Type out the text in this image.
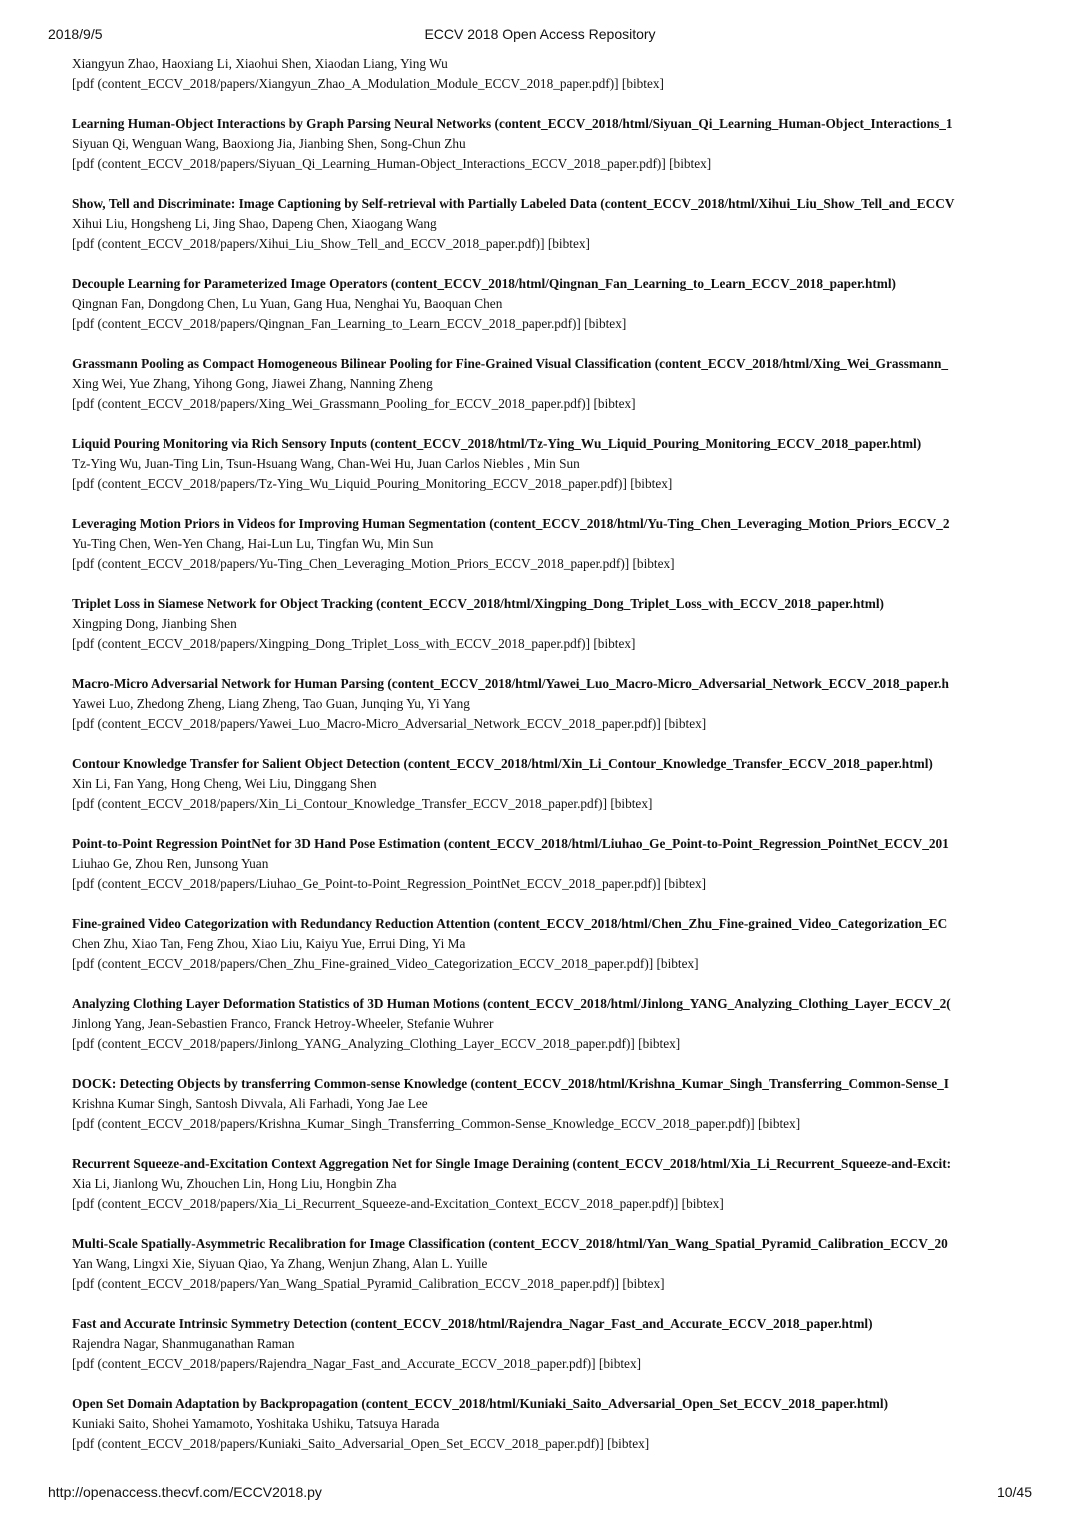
2018/9/5	ECCV 2018 Open Access Repository
Xiangyun Zhao, Haoxiang Li, Xiaohui Shen, Xiaodan Liang, Ying Wu
[pdf (content_ECCV_2018/papers/Xiangyun_Zhao_A_Modulation_Module_ECCV_2018_paper.pdf)] [bibtex]
Learning Human-Object Interactions by Graph Parsing Neural Networks (content_ECCV_2018/html/Siyuan_Qi_Learning_Human-Object_Interactions_1
Siyuan Qi, Wenguan Wang, Baoxiong Jia, Jianbing Shen, Song-Chun Zhu
[pdf (content_ECCV_2018/papers/Siyuan_Qi_Learning_Human-Object_Interactions_ECCV_2018_paper.pdf)] [bibtex]
Show, Tell and Discriminate: Image Captioning by Self-retrieval with Partially Labeled Data (content_ECCV_2018/html/Xihui_Liu_Show_Tell_and_ECCV
Xihui Liu, Hongsheng Li, Jing Shao, Dapeng Chen, Xiaogang Wang
[pdf (content_ECCV_2018/papers/Xihui_Liu_Show_Tell_and_ECCV_2018_paper.pdf)] [bibtex]
Decouple Learning for Parameterized Image Operators (content_ECCV_2018/html/Qingnan_Fan_Learning_to_Learn_ECCV_2018_paper.html)
Qingnan Fan, Dongdong Chen, Lu Yuan, Gang Hua, Nenghai Yu, Baoquan Chen
[pdf (content_ECCV_2018/papers/Qingnan_Fan_Learning_to_Learn_ECCV_2018_paper.pdf)] [bibtex]
Grassmann Pooling as Compact Homogeneous Bilinear Pooling for Fine-Grained Visual Classification (content_ECCV_2018/html/Xing_Wei_Grassmann_
Xing Wei, Yue Zhang, Yihong Gong, Jiawei Zhang, Nanning Zheng
[pdf (content_ECCV_2018/papers/Xing_Wei_Grassmann_Pooling_for_ECCV_2018_paper.pdf)] [bibtex]
Liquid Pouring Monitoring via Rich Sensory Inputs (content_ECCV_2018/html/Tz-Ying_Wu_Liquid_Pouring_Monitoring_ECCV_2018_paper.html)
Tz-Ying Wu, Juan-Ting Lin, Tsun-Hsuang Wang, Chan-Wei Hu, Juan Carlos Niebles , Min Sun
[pdf (content_ECCV_2018/papers/Tz-Ying_Wu_Liquid_Pouring_Monitoring_ECCV_2018_paper.pdf)] [bibtex]
Leveraging Motion Priors in Videos for Improving Human Segmentation (content_ECCV_2018/html/Yu-Ting_Chen_Leveraging_Motion_Priors_ECCV_2
Yu-Ting Chen, Wen-Yen Chang, Hai-Lun Lu, Tingfan Wu, Min Sun
[pdf (content_ECCV_2018/papers/Yu-Ting_Chen_Leveraging_Motion_Priors_ECCV_2018_paper.pdf)] [bibtex]
Triplet Loss in Siamese Network for Object Tracking (content_ECCV_2018/html/Xingping_Dong_Triplet_Loss_with_ECCV_2018_paper.html)
Xingping Dong, Jianbing Shen
[pdf (content_ECCV_2018/papers/Xingping_Dong_Triplet_Loss_with_ECCV_2018_paper.pdf)] [bibtex]
Macro-Micro Adversarial Network for Human Parsing (content_ECCV_2018/html/Yawei_Luo_Macro-Micro_Adversarial_Network_ECCV_2018_paper.h
Yawei Luo, Zhedong Zheng, Liang Zheng, Tao Guan, Junqing Yu, Yi Yang
[pdf (content_ECCV_2018/papers/Yawei_Luo_Macro-Micro_Adversarial_Network_ECCV_2018_paper.pdf)] [bibtex]
Contour Knowledge Transfer for Salient Object Detection (content_ECCV_2018/html/Xin_Li_Contour_Knowledge_Transfer_ECCV_2018_paper.html)
Xin Li, Fan Yang, Hong Cheng, Wei Liu, Dinggang Shen
[pdf (content_ECCV_2018/papers/Xin_Li_Contour_Knowledge_Transfer_ECCV_2018_paper.pdf)] [bibtex]
Point-to-Point Regression PointNet for 3D Hand Pose Estimation (content_ECCV_2018/html/Liuhao_Ge_Point-to-Point_Regression_PointNet_ECCV_201
Liuhao Ge, Zhou Ren, Junsong Yuan
[pdf (content_ECCV_2018/papers/Liuhao_Ge_Point-to-Point_Regression_PointNet_ECCV_2018_paper.pdf)] [bibtex]
Fine-grained Video Categorization with Redundancy Reduction Attention (content_ECCV_2018/html/Chen_Zhu_Fine-grained_Video_Categorization_EC
Chen Zhu, Xiao Tan, Feng Zhou, Xiao Liu, Kaiyu Yue, Errui Ding, Yi Ma
[pdf (content_ECCV_2018/papers/Chen_Zhu_Fine-grained_Video_Categorization_ECCV_2018_paper.pdf)] [bibtex]
Analyzing Clothing Layer Deformation Statistics of 3D Human Motions (content_ECCV_2018/html/Jinlong_YANG_Analyzing_Clothing_Layer_ECCV_2(
Jinlong Yang, Jean-Sebastien Franco, Franck Hetroy-Wheeler, Stefanie Wuhrer
[pdf (content_ECCV_2018/papers/Jinlong_YANG_Analyzing_Clothing_Layer_ECCV_2018_paper.pdf)] [bibtex]
DOCK: Detecting Objects by transferring Common-sense Knowledge (content_ECCV_2018/html/Krishna_Kumar_Singh_Transferring_Common-Sense_I
Krishna Kumar Singh, Santosh Divvala, Ali Farhadi, Yong Jae Lee
[pdf (content_ECCV_2018/papers/Krishna_Kumar_Singh_Transferring_Common-Sense_Knowledge_ECCV_2018_paper.pdf)] [bibtex]
Recurrent Squeeze-and-Excitation Context Aggregation Net for Single Image Deraining (content_ECCV_2018/html/Xia_Li_Recurrent_Squeeze-and-Excit:
Xia Li, Jianlong Wu, Zhouchen Lin, Hong Liu, Hongbin Zha
[pdf (content_ECCV_2018/papers/Xia_Li_Recurrent_Squeeze-and-Excitation_Context_ECCV_2018_paper.pdf)] [bibtex]
Multi-Scale Spatially-Asymmetric Recalibration for Image Classification (content_ECCV_2018/html/Yan_Wang_Spatial_Pyramid_Calibration_ECCV_20
Yan Wang, Lingxi Xie, Siyuan Qiao, Ya Zhang, Wenjun Zhang, Alan L. Yuille
[pdf (content_ECCV_2018/papers/Yan_Wang_Spatial_Pyramid_Calibration_ECCV_2018_paper.pdf)] [bibtex]
Fast and Accurate Intrinsic Symmetry Detection (content_ECCV_2018/html/Rajendra_Nagar_Fast_and_Accurate_ECCV_2018_paper.html)
Rajendra Nagar, Shanmuganathan Raman
[pdf (content_ECCV_2018/papers/Rajendra_Nagar_Fast_and_Accurate_ECCV_2018_paper.pdf)] [bibtex]
Open Set Domain Adaptation by Backpropagation (content_ECCV_2018/html/Kuniaki_Saito_Adversarial_Open_Set_ECCV_2018_paper.html)
Kuniaki Saito, Shohei Yamamoto, Yoshitaka Ushiku, Tatsuya Harada
[pdf (content_ECCV_2018/papers/Kuniaki_Saito_Adversarial_Open_Set_ECCV_2018_paper.pdf)] [bibtex]
http://openaccess.thecvf.com/ECCV2018.py	10/45
